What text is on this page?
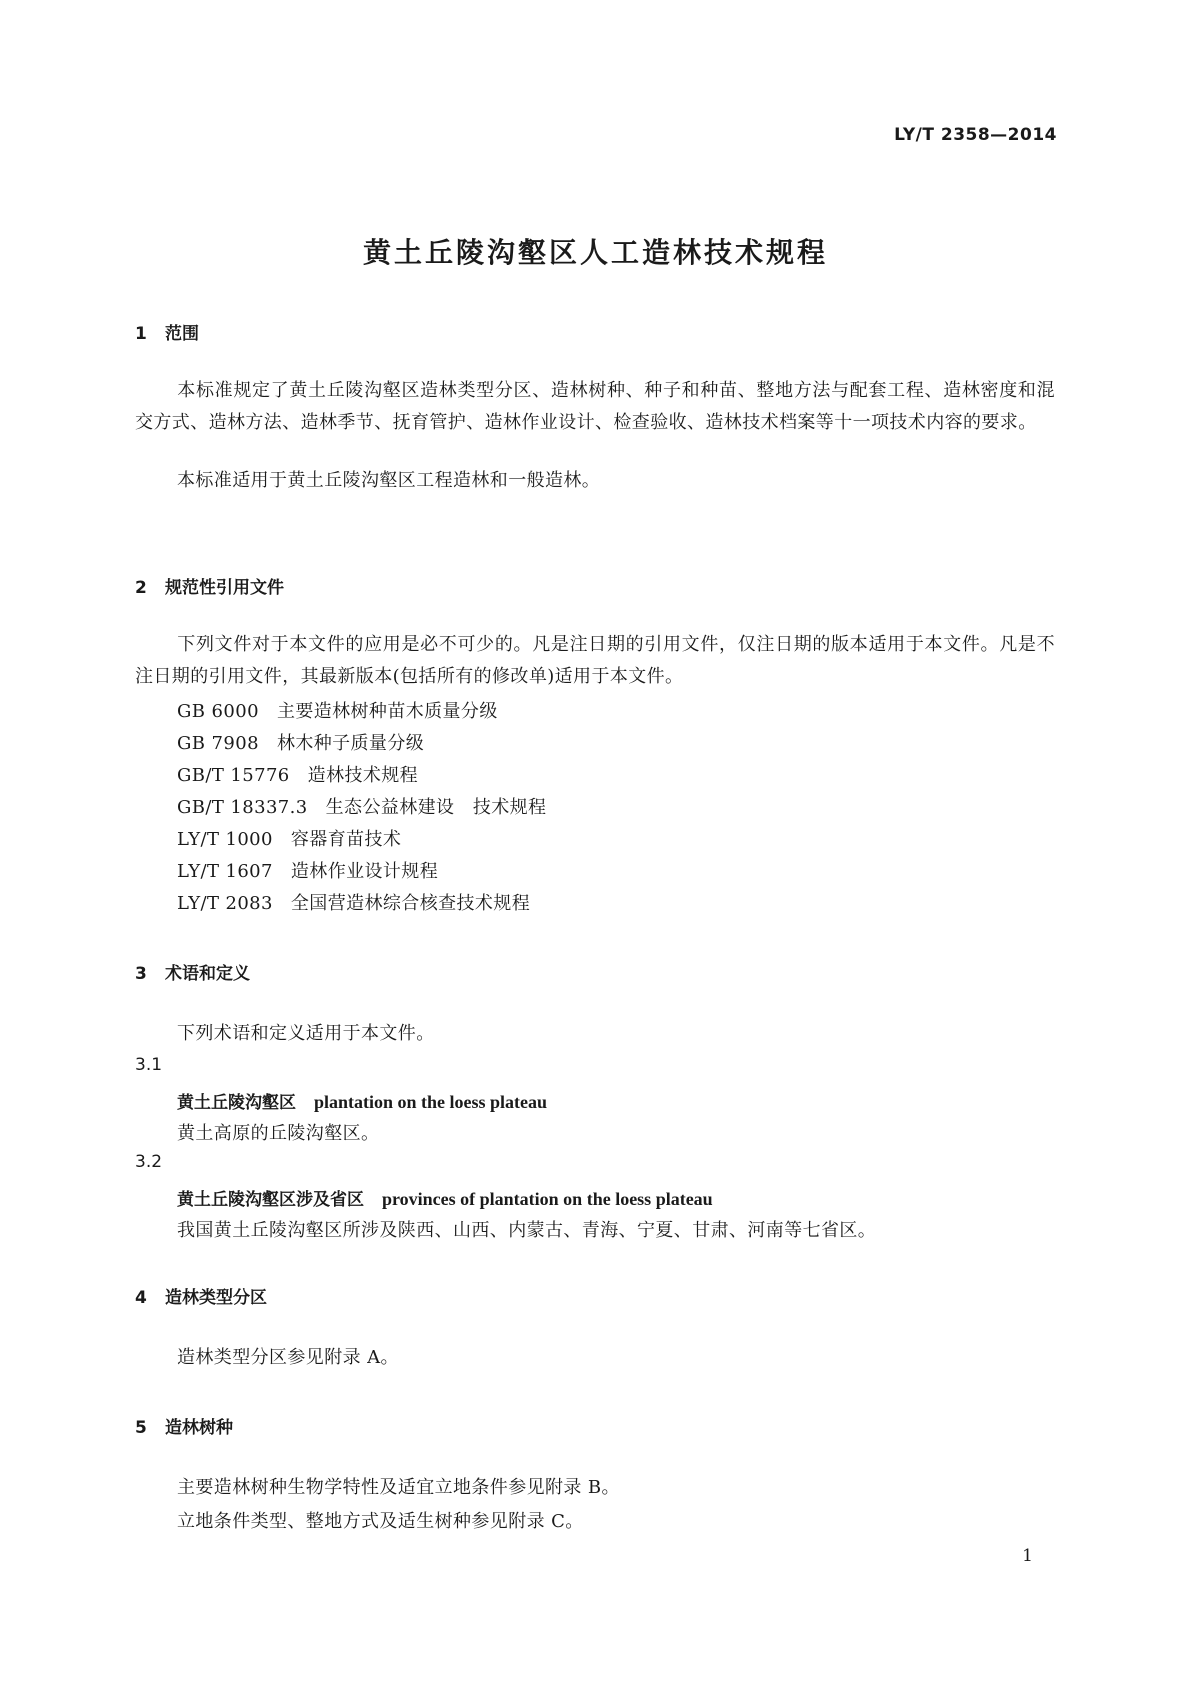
LY/T 2358—2014
黄土丘陵沟壑区人工造林技术规程
1 范围
本标准规定了黄土丘陵沟壑区造林类型分区、造林树种、种子和种苗、整地方法与配套工程、造林密度和混交方式、造林方法、造林季节、抚育管护、造林作业设计、检查验收、造林技术档案等十一项技术内容的要求。
本标准适用于黄土丘陵沟壑区工程造林和一般造林。
2 规范性引用文件
下列文件对于本文件的应用是必不可少的。凡是注日期的引用文件，仅注日期的版本适用于本文件。凡是不注日期的引用文件，其最新版本(包括所有的修改单)适用于本文件。
GB 6000 主要造林树种苗木质量分级
GB 7908 林木种子质量分级
GB/T 15776 造林技术规程
GB/T 18337.3 生态公益林建设　技术规程
LY/T 1000 容器育苗技术
LY/T 1607 造林作业设计规程
LY/T 2083 全国营造林综合核查技术规程
3 术语和定义
下列术语和定义适用于本文件。
3.1
黄土丘陵沟壑区 plantation on the loess plateau
黄土高原的丘陵沟壑区。
3.2
黄土丘陵沟壑区涉及省区 provinces of plantation on the loess plateau
我国黄土丘陵沟壑区所涉及陕西、山西、内蒙古、青海、宁夏、甘肃、河南等七省区。
4 造林类型分区
造林类型分区参见附录 A。
5 造林树种
主要造林树种生物学特性及适宜立地条件参见附录 B。
立地条件类型、整地方式及适生树种参见附录 C。
1
